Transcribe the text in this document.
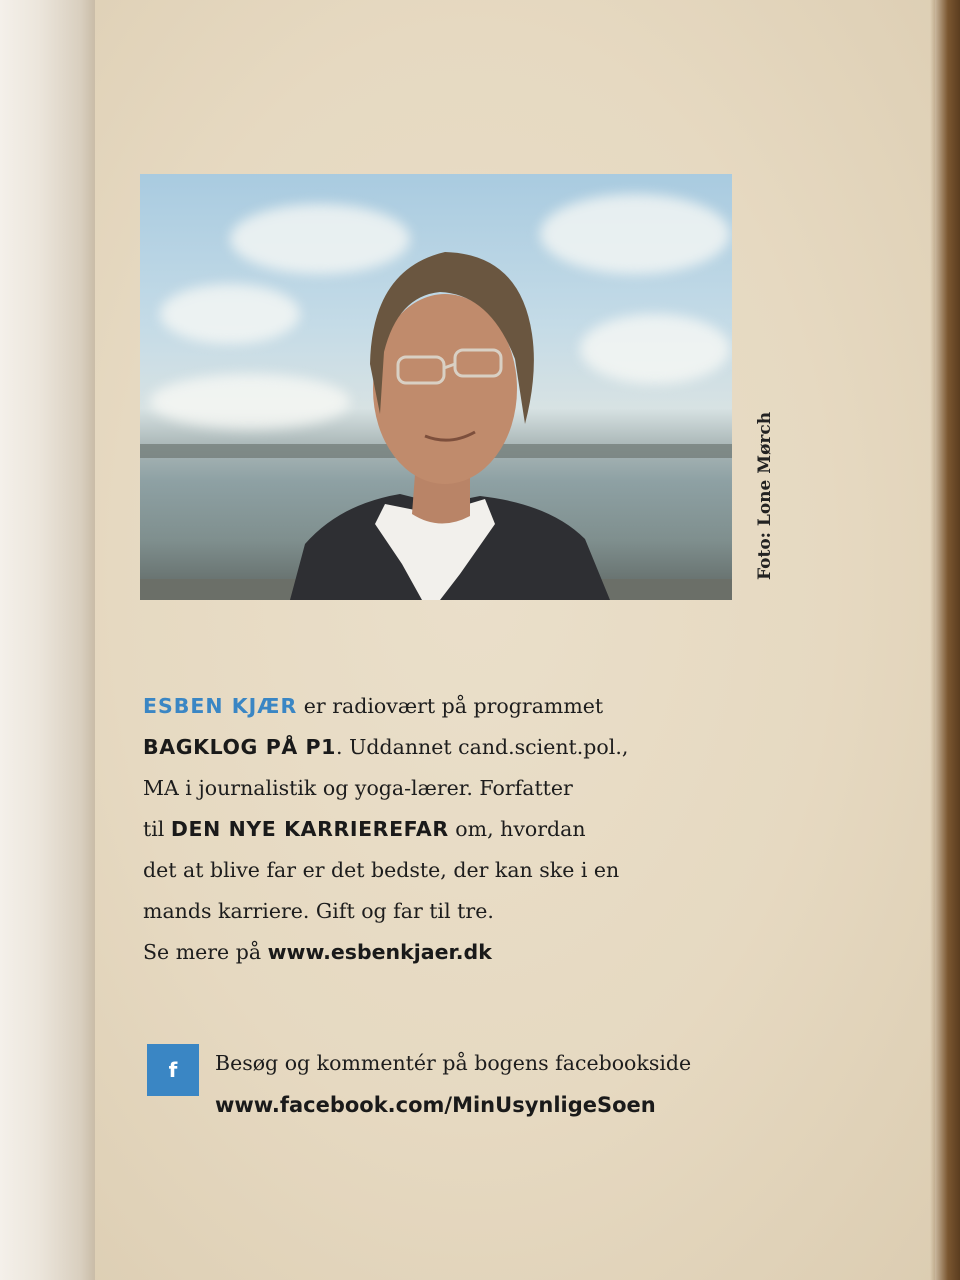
Foto: Lone Mørch
ESBEN KJÆR er radiovært på programmet
BAGKLOG PÅ P1. Uddannet cand.scient.pol.,
MA i journalistik og yoga-lærer. Forfatter
til DEN NYE KARRIEREFAR om, hvordan
det at blive far er det bedste, der kan ske i en
mands karriere. Gift og far til tre.
Se mere på www.esbenkjaer.dk
f Besøg og kommentér på bogens facebookside
www.facebook.com/MinUsynligeSoen
